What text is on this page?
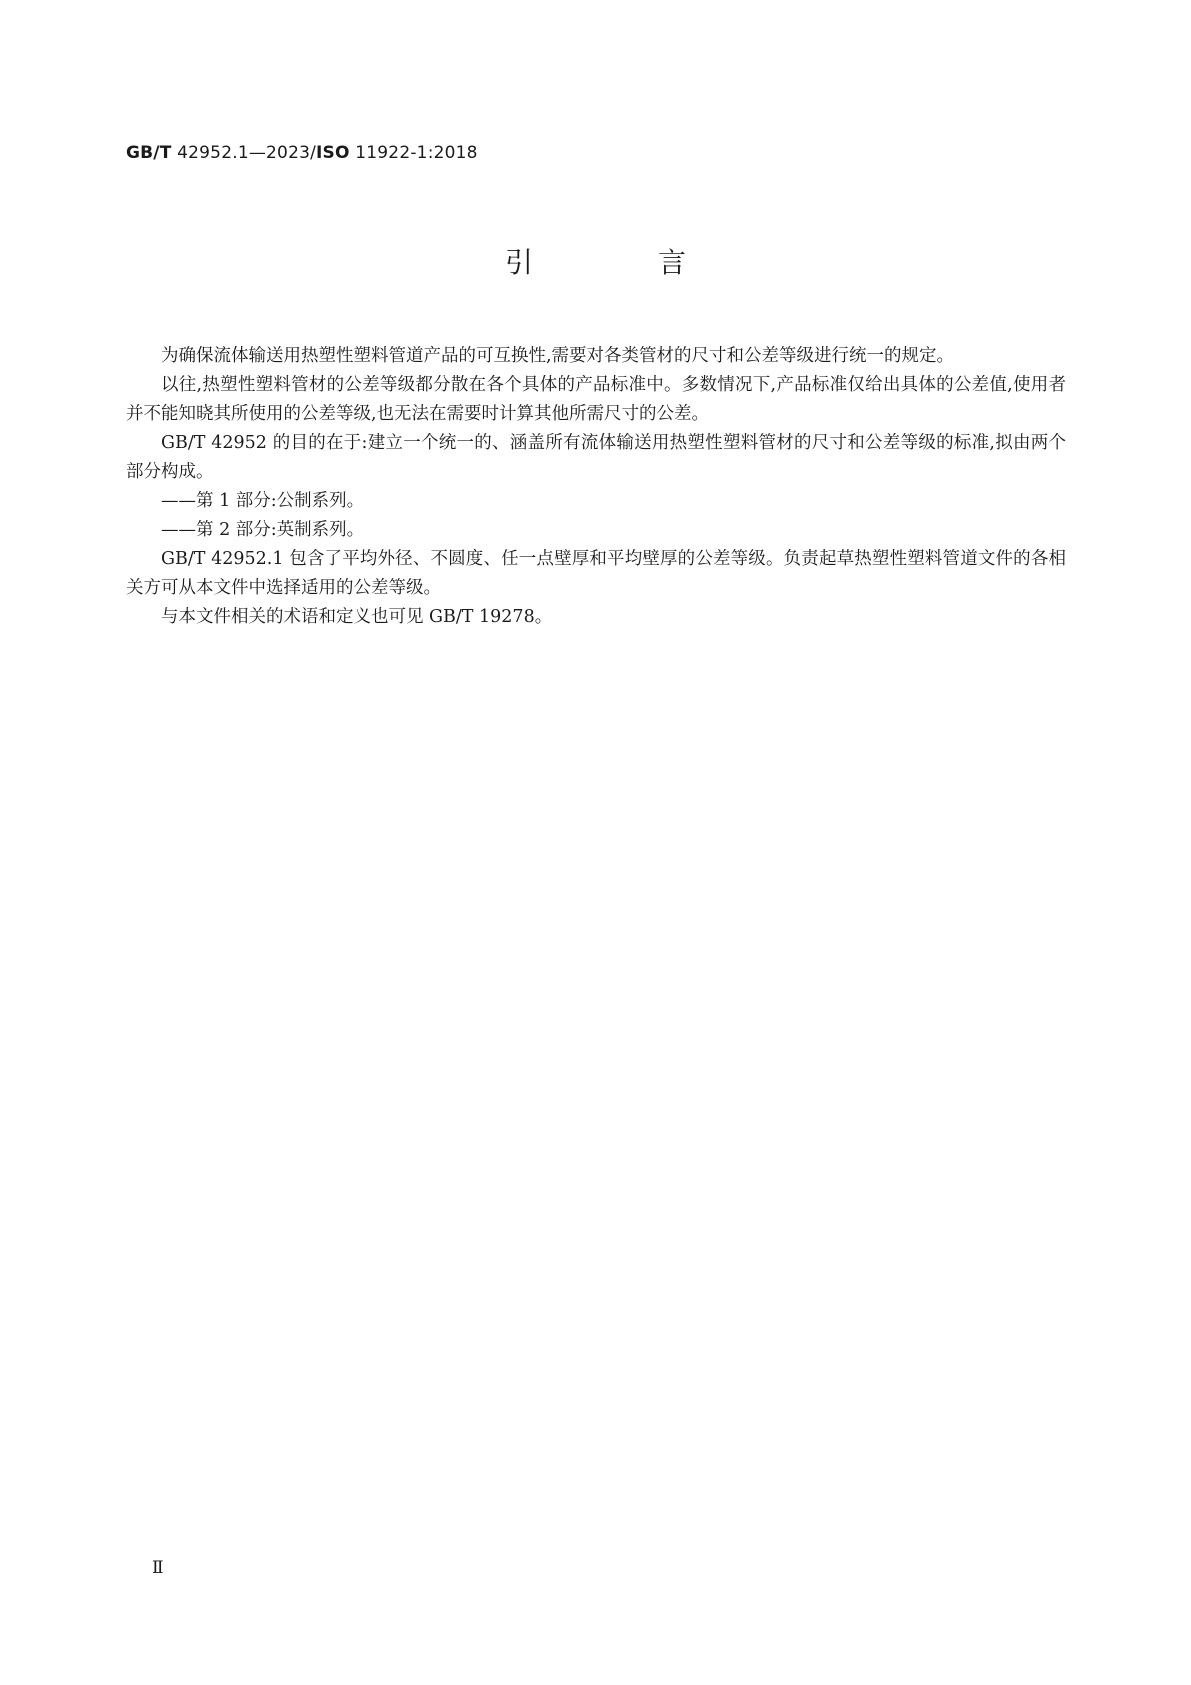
GB/T 42952.1—2023/ISO 11922-1:2018
引 言

为确保流体输送用热塑性塑料管道产品的可互换性,需要对各类管材的尺寸和公差等级进行统一的规定。

以往,热塑性塑料管材的公差等级都分散在各个具体的产品标准中。多数情况下,产品标准仅给出具体的公差值,使用者并不能知晓其所使用的公差等级,也无法在需要时计算其他所需尺寸的公差。

GB/T 42952 的目的在于:建立一个统一的、涵盖所有流体输送用热塑性塑料管材的尺寸和公差等级的标准,拟由两个部分构成。

——第 1 部分:公制系列。

——第 2 部分:英制系列。

GB/T 42952.1 包含了平均外径、不圆度、任一点壁厚和平均壁厚的公差等级。负责起草热塑性塑料管道文件的各相关方可从本文件中选择适用的公差等级。

与本文件相关的术语和定义也可见 GB/T 19278。

Ⅱ
